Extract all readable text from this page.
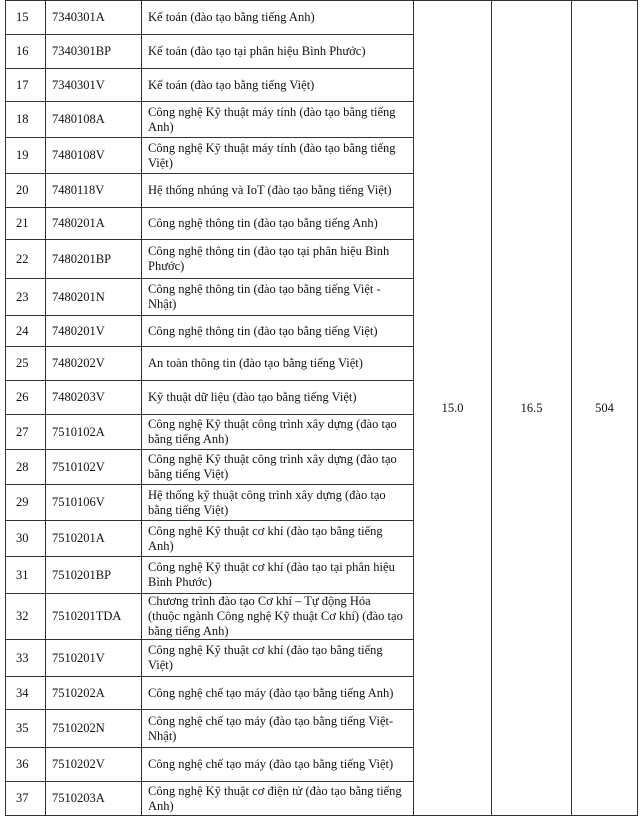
15	7340301A	Kế toán (đào tạo bằng tiếng Anh)	15.0	16.5	504
16	7340301BP	Kế toán (đào tạo tại phân hiệu Bình Phước)			
17	7340301V	Kế toán (đào tạo bằng tiếng Việt)			
18	7480108A	Công nghệ Kỹ thuật máy tính (đào tạo bằng tiếng Anh)			
19	7480108V	Công nghệ Kỹ thuật máy tính (đào tạo bằng tiếng Việt)			
20	7480118V	Hệ thống nhúng và IoT (đào tạo bằng tiếng Việt)			
21	7480201A	Công nghệ thông tin (đào tạo bằng tiếng Anh)			
22	7480201BP	Công nghệ thông tin (đào tạo tại phân hiệu Bình Phước)			
23	7480201N	Công nghệ thông tin (đào tạo bằng tiếng Việt - Nhật)			
24	7480201V	Công nghệ thông tin (đào tạo bằng tiếng Việt)			
25	7480202V	An toàn thông tin (đào tạo bằng tiếng Việt)			
26	7480203V	Kỹ thuật dữ liệu (đào tạo bằng tiếng Việt)			
27	7510102A	Công nghệ Kỹ thuật công trình xây dựng (đào tạo bằng tiếng Anh)			
28	7510102V	Công nghệ Kỹ thuật công trình xây dựng (đào tạo bằng tiếng Việt)			
29	7510106V	Hệ thống kỹ thuật công trình xây dựng (đào tạo bằng tiếng Việt)			
30	7510201A	Công nghệ Kỹ thuật cơ khí (đào tạo bằng tiếng Anh)			
31	7510201BP	Công nghệ Kỹ thuật cơ khí (đào tạo tại phân hiệu Bình Phước)			
32	7510201TDA	Chương trình đào tạo Cơ khí – Tự động Hóa (thuộc ngành Công nghệ Kỹ thuật Cơ khí) (đào tạo bằng tiếng Anh)			
33	7510201V	Công nghệ Kỹ thuật cơ khí (đào tạo bằng tiếng Việt)			
34	7510202A	Công nghệ chế tạo máy (đào tạo bằng tiếng Anh)			
35	7510202N	Công nghệ chế tạo máy (đào tạo bằng tiếng Việt-Nhật)			
36	7510202V	Công nghệ chế tạo máy (đào tạo bằng tiếng Việt)			
37	7510203A	Công nghệ Kỹ thuật cơ điện tử (đào tạo bằng tiếng Anh)			
